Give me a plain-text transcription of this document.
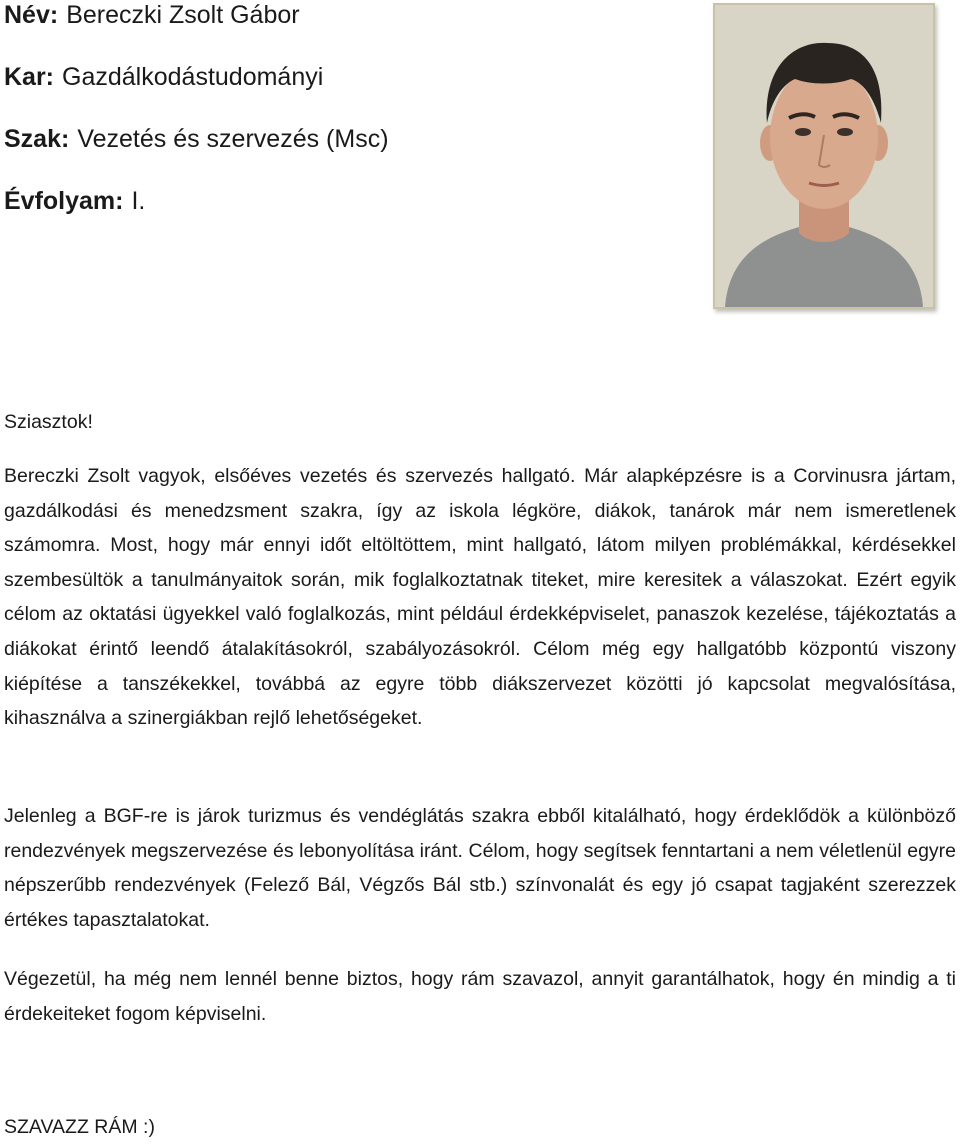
Név: Bereczki Zsolt Gábor
Kar: Gazdálkodástudományi
Szak: Vezetés és szervezés (Msc)
Évfolyam: I.
Sziasztok!

Bereczki Zsolt vagyok, elsőéves vezetés és szervezés hallgató. Már alapképzésre is a Corvinusra jártam, gazdálkodási és menedzsment szakra, így az iskola légköre, diákok, tanárok már nem ismeretlenek számomra. Most, hogy már ennyi időt eltöltöttem, mint hallgató, látom milyen problémákkal, kérdésekkel szembesültök a tanulmányaitok során, mik foglalkoztatnak titeket, mire keresitek a válaszokat. Ezért egyik célom az oktatási ügyekkel való foglalkozás, mint például érdekképviselet, panaszok kezelése, tájékoztatás a diákokat érintő leendő átalakításokról, szabályozásokról. Célom még egy hallgatóbb központú viszony kiépítése a tanszékekkel, továbbá az egyre több diákszervezet közötti jó kapcsolat megvalósítása, kihasználva a szinergiákban rejlő lehetőségeket.

Jelenleg a BGF-re is járok turizmus és vendéglátás szakra ebből kitalálható, hogy érdeklődök a különböző rendezvények megszervezése és lebonyolítása iránt. Célom, hogy segítsek fenntartani a nem véletlenül egyre népszerűbb rendezvények (Felező Bál, Végzős Bál stb.) színvonalát és egy jó csapat tagjaként szerezzek értékes tapasztalatokat.

Végezetül, ha még nem lennél benne biztos, hogy rám szavazol, annyit garantálhatok, hogy én mindig a ti érdekeiteket fogom képviselni.

SZAVAZZ RÁM :)
